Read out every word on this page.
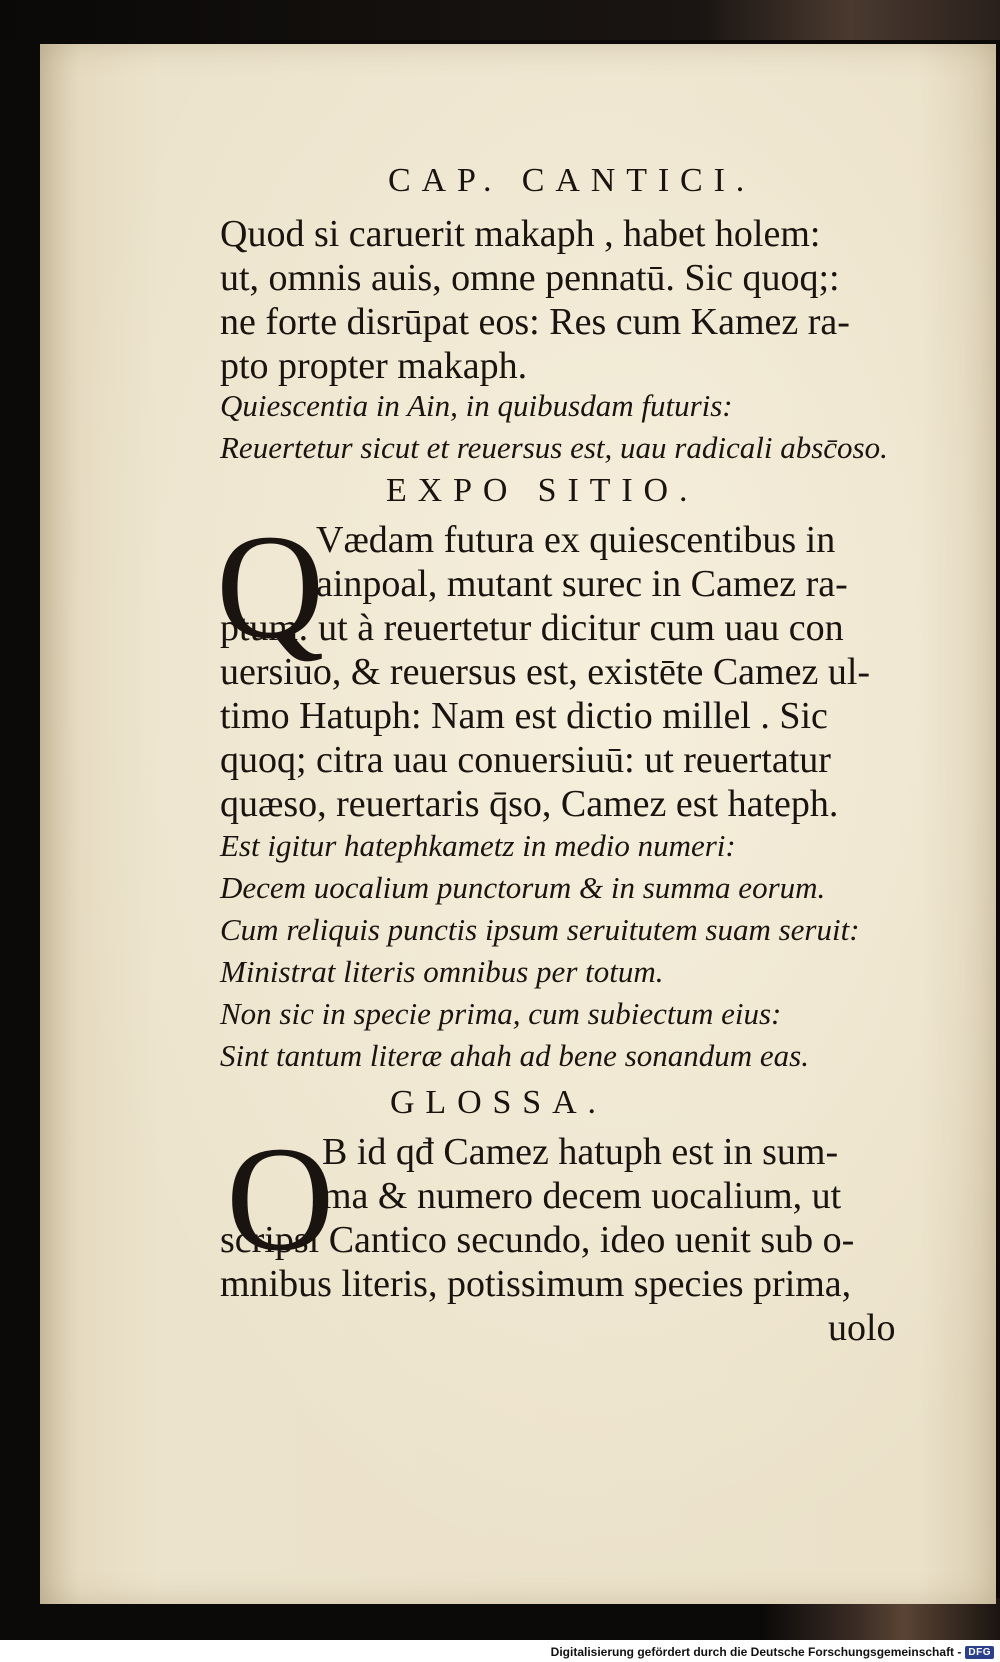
CAP. CANTICI.
Quod si caruerit makaph , habet holem:
ut, omnis auis, omne pennatū. Sic quoq;:
ne forte disrūpat eos: Res cum Kamez ra-
pto propter makaph.
Quiescentia in Ain, in quibusdam futuris:
Reuertetur sicut et reuersus est, uau radicali absc̄oso.
EXPO SITIO.
Q
Vædam futura ex quiescentibus in
ainpoal, mutant surec in Camez ra-
ptum: ut à reuertetur dicitur cum uau con
uersiuo, & reuersus est, existēte Camez ul-
timo Hatuph: Nam est dictio millel . Sic
quoq; citra uau conuersiuū: ut reuertatur
quæso, reuertaris q̄so, Camez est hateph.
Est igitur hatephkametz in medio numeri:
Decem uocalium punctorum & in summa eorum.
Cum reliquis punctis ipsum seruitutem suam seruit:
Ministrat literis omnibus per totum.
Non sic in specie prima, cum subiectum eius:
Sint tantum literæ ahah ad bene sonandum eas.
GLOSSA.
O
B id qđ Camez hatuph est in sum-
ma & numero decem uocalium, ut
scripsi Cantico secundo, ideo uenit sub o-
mnibus literis, potissimum species prima,
uolo
Digitalisierung gefördert durch die Deutsche Forschungsgemeinschaft - DFG
